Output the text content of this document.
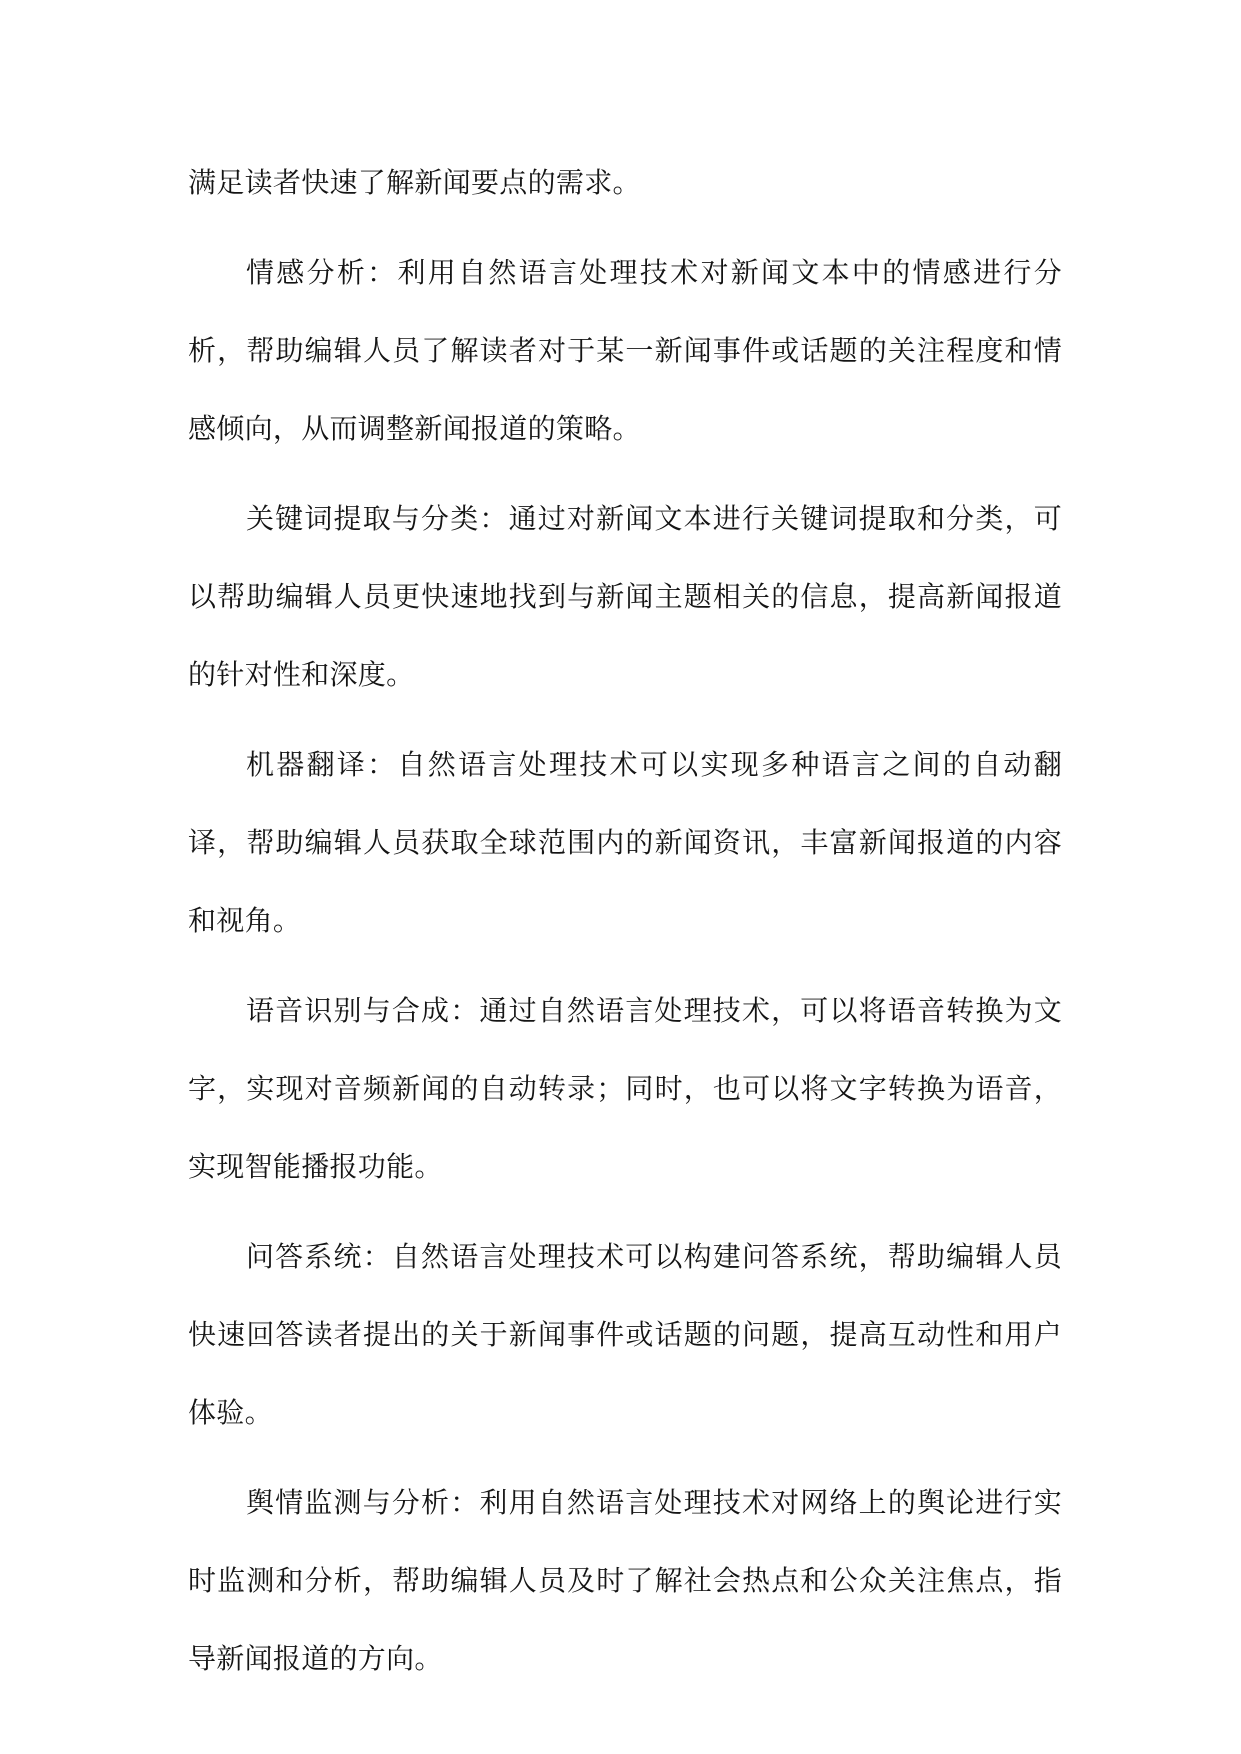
满足读者快速了解新闻要点的需求。

情感分析：利用自然语言处理技术对新闻文本中的情感进行分析，帮助编辑人员了解读者对于某一新闻事件或话题的关注程度和情感倾向，从而调整新闻报道的策略。

关键词提取与分类：通过对新闻文本进行关键词提取和分类，可以帮助编辑人员更快速地找到与新闻主题相关的信息，提高新闻报道的针对性和深度。

机器翻译：自然语言处理技术可以实现多种语言之间的自动翻译，帮助编辑人员获取全球范围内的新闻资讯，丰富新闻报道的内容和视角。

语音识别与合成：通过自然语言处理技术，可以将语音转换为文字，实现对音频新闻的自动转录；同时，也可以将文字转换为语音，实现智能播报功能。

问答系统：自然语言处理技术可以构建问答系统，帮助编辑人员快速回答读者提出的关于新闻事件或话题的问题，提高互动性和用户体验。

舆情监测与分析：利用自然语言处理技术对网络上的舆论进行实时监测和分析，帮助编辑人员及时了解社会热点和公众关注焦点，指导新闻报道的方向。
